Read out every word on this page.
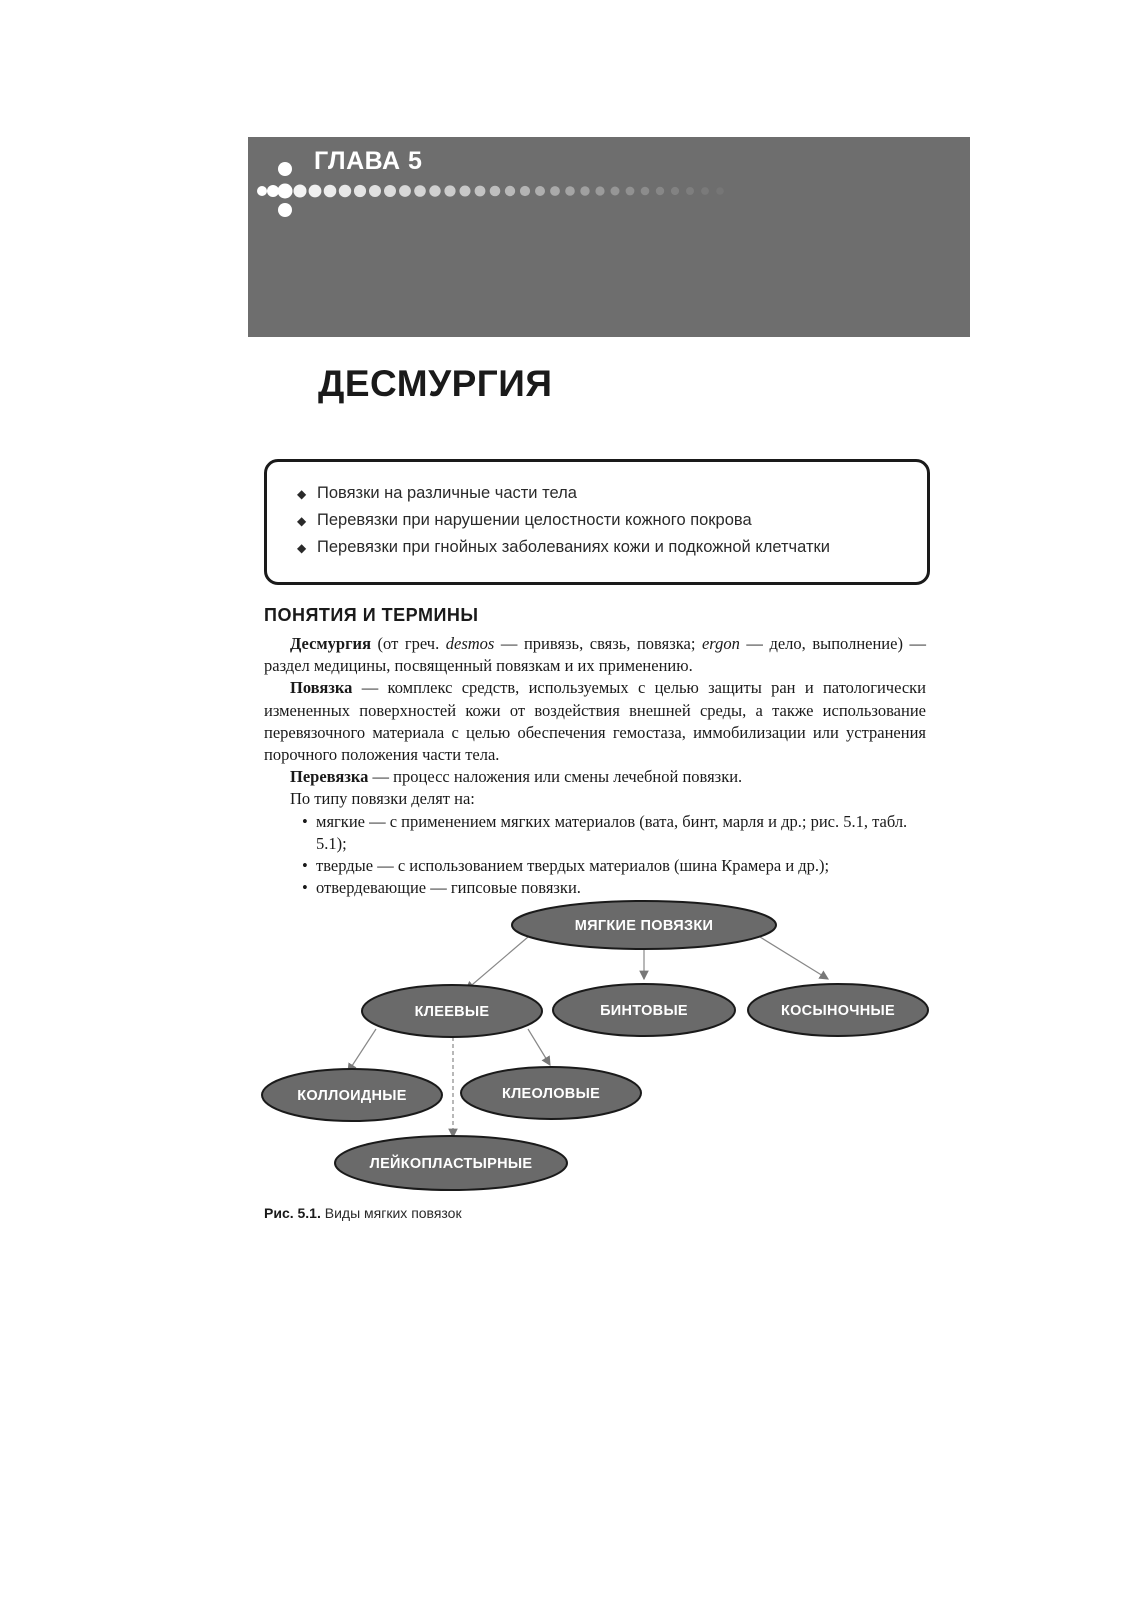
ГЛАВА 5
ДЕСМУРГИЯ
◆ Повязки на различные части тела
◆ Перевязки при нарушении целостности кожного покрова
◆ Перевязки при гнойных заболеваниях кожи и подкожной клетчатки
ПОНЯТИЯ И ТЕРМИНЫ

Десмургия (от греч. desmos — привязь, связь, повязка; ergon — дело, выполнение) — раздел медицины, посвященный повязкам и их применению.

Повязка — комплекс средств, используемых с целью защиты ран и патологически измененных поверхностей кожи от воздействия внешней среды, а также использование перевязочного материала с целью обеспечения гемостаза, иммобилизации или устранения порочного положения части тела.

Перевязка — процесс наложения или смены лечебной повязки.

По типу повязки делят на:

• мягкие — с применением мягких материалов (вата, бинт, марля и др.; рис. 5.1, табл. 5.1);
• твердые — с использованием твердых материалов (шина Крамера и др.);
• отвердевающие — гипсовые повязки.
МЯГКИЕ ПОВЯЗКИ
КЛЕЕВЫЕ	БИНТОВЫЕ	КОСЫНОЧНЫЕ
КОЛЛОИДНЫЕ	КЛЕОЛОВЫЕ
ЛЕЙКОПЛАСТЫРНЫЕ
Рис. 5.1. Виды мягких повязок
